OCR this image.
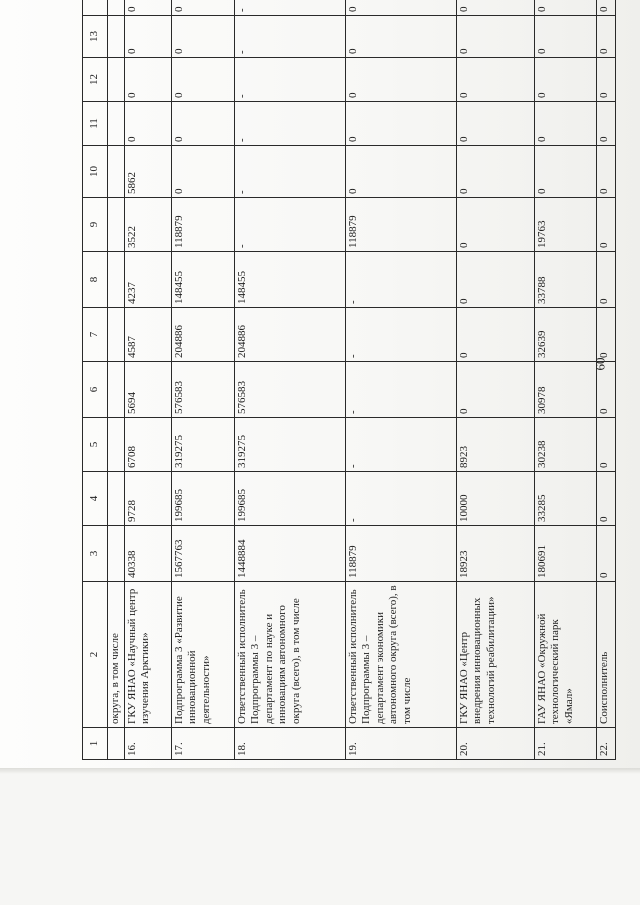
60
1	2	3	4	5	6	7	8	9	10	11	12	13	
	округа, в том числе												
16.	ГКУ ЯНАО «Научный центр изучения Арктики»	40338	9728	6708	5694	4587	4237	3522	5862	0	0	0	0
17.	Подпрограмма 3 «Развитие инновационной деятельности»	1567763	199685	319275	576583	204886	148455	118879	0	0	0	0	0
18.	Ответственный исполнитель Подпрограммы 3 – департамент по науке и инновациям автономного округа (всего), в том числе	1448884	199685	319275	576583	204886	148455	-	-	-	-	-	-
19.	Ответственный исполнитель Подпрограммы 3 – департамент экономики автономного округа (всего), в том числе	118879	-	-	-	-	-	118879	0	0	0	0	0
20.	ГКУ ЯНАО «Центр внедрения инновационных технологий реабилитации»	18923	10000	8923	0	0	0	0	0	0	0	0	0
21.	ГАУ ЯНАО «Окружной технологический парк «Ямал»	180691	33285	30238	30978	32639	33788	19763	0	0	0	0	0
22.	Соисполнитель	0	0	0	0	0	0	0	0	0	0	0	0
